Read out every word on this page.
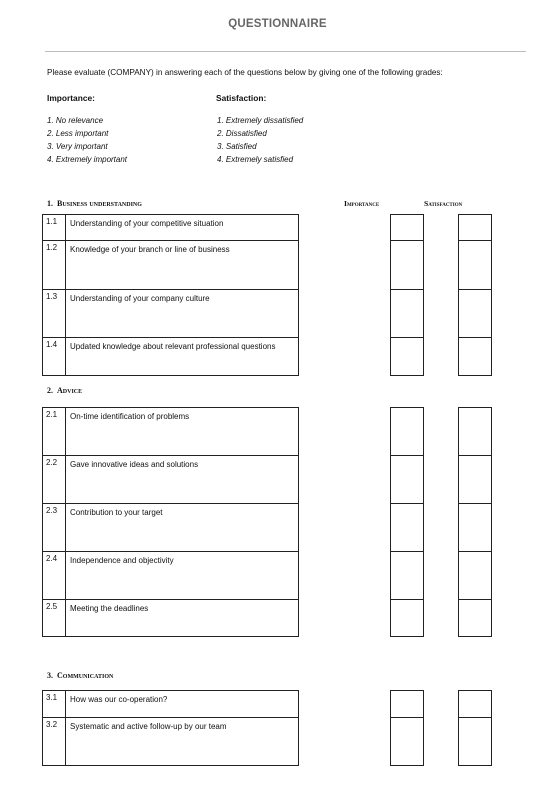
QUESTIONNAIRE
Please evaluate (COMPANY) in answering each of the questions below by giving one of the following grades:
Importance:	Satisfaction:
1. No relevance
2. Less important
3. Very important
4. Extremely important
1. Extremely dissatisfied
2. Dissatisfied
3. Satisfied
4. Extremely satisfied
1. Business understanding	Importance	Satisfaction
1.1	Understanding of your competitive situation
1.2	Knowledge of your branch or line of business
1.3	Understanding of your company culture
1.4	Updated knowledge about relevant professional questions
2. Advice
2.1	On-time identification of problems
2.2	Gave innovative ideas and solutions
2.3	Contribution to your target
2.4	Independence and objectivity
2.5	Meeting the deadlines
3. Communication
3.1	How was our co-operation?
3.2	Systematic and active follow-up by our team
